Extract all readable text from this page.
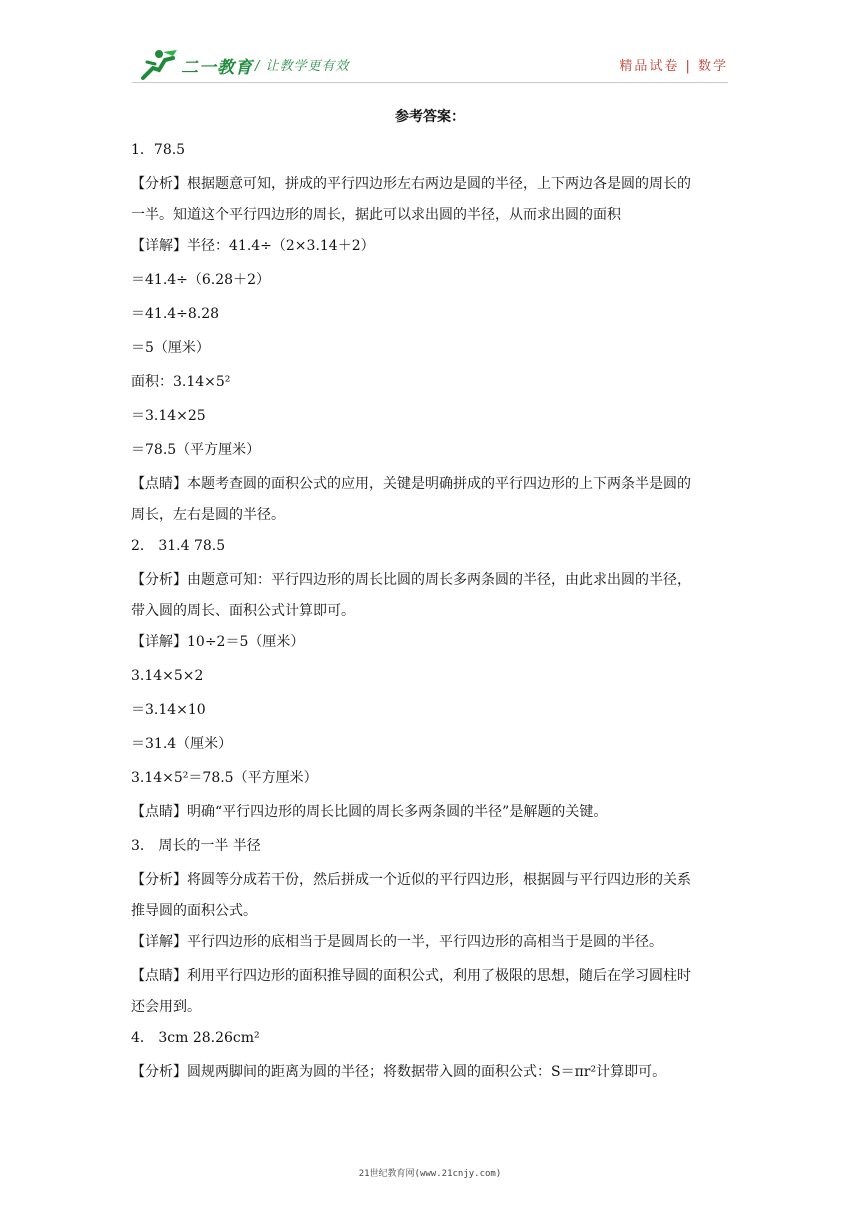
二一教育 / 让教学更有效	精品试卷 | 数学
参考答案：
1．78.5
【分析】根据题意可知，拼成的平行四边形左右两边是圆的半径，上下两边各是圆的周长的
一半。知道这个平行四边形的周长，据此可以求出圆的半径，从而求出圆的面积
【详解】半径：41.4÷（2×3.14＋2）
＝41.4÷（6.28＋2）
＝41.4÷8.28
＝5（厘米）
面积：3.14×5²
＝3.14×25
＝78.5（平方厘米）
【点睛】本题考查圆的面积公式的应用，关键是明确拼成的平行四边形的上下两条半是圆的
周长，左右是圆的半径。
2． 31.4 78.5
【分析】由题意可知：平行四边形的周长比圆的周长多两条圆的半径，由此求出圆的半径，
带入圆的周长、面积公式计算即可。
【详解】10÷2＝5（厘米）
3.14×5×2
＝3.14×10
＝31.4（厘米）
3.14×5²＝78.5（平方厘米）
【点睛】明确“平行四边形的周长比圆的周长多两条圆的半径”是解题的关键。
3． 周长的一半 半径
【分析】将圆等分成若干份，然后拼成一个近似的平行四边形，根据圆与平行四边形的关系
推导圆的面积公式。
【详解】平行四边形的底相当于是圆周长的一半，平行四边形的高相当于是圆的半径。
【点睛】利用平行四边形的面积推导圆的面积公式，利用了极限的思想，随后在学习圆柱时
还会用到。
4． 3cm 28.26cm²
【分析】圆规两脚间的距离为圆的半径；将数据带入圆的面积公式：S＝πr²计算即可。
21世纪教育网(www.21cnjy.com)
